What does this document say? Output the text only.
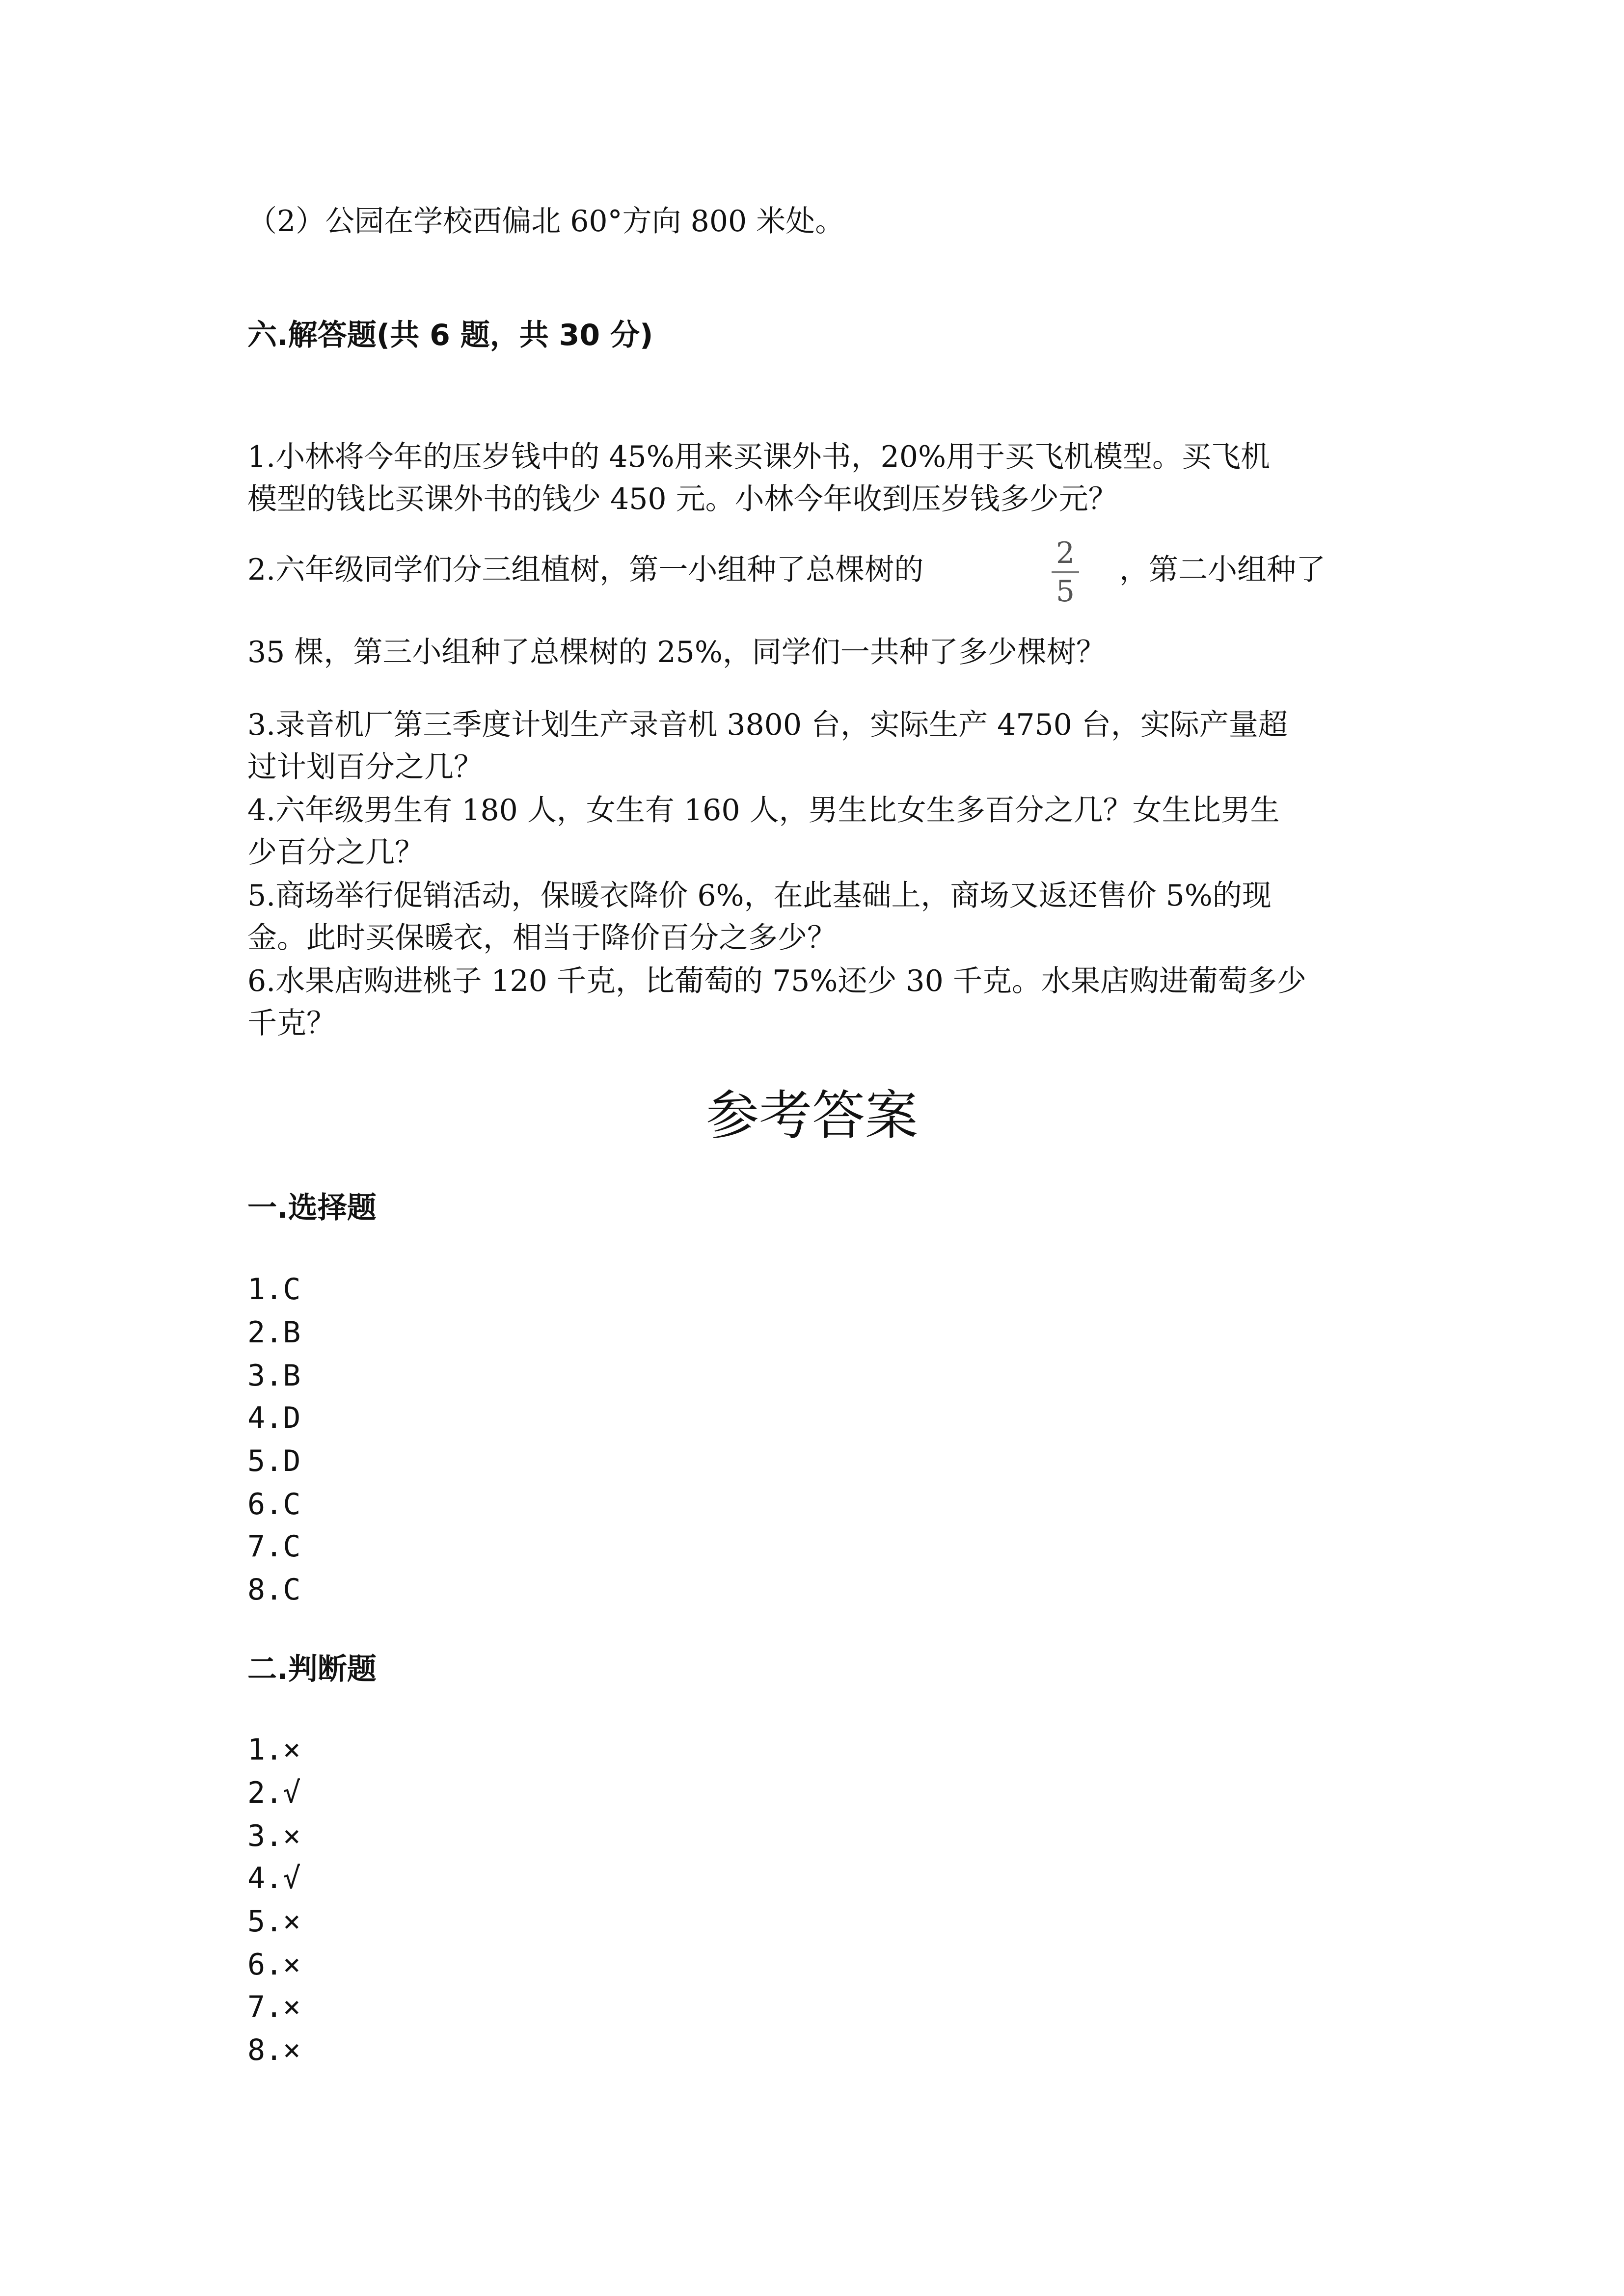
（2）公园在学校西偏北 60°方向 800 米处。
六.解答题(共 6 题，共 30 分)
1.小林将今年的压岁钱中的 45%用来买课外书，20%用于买飞机模型。买飞机
模型的钱比买课外书的钱少 450 元。小林今年收到压岁钱多少元？
2.六年级同学们分三组植树，第一小组种了总棵树的	2
5
，第二小组种了
35 棵，第三小组种了总棵树的 25%，同学们一共种了多少棵树？
3.录音机厂第三季度计划生产录音机 3800 台，实际生产 4750 台，实际产量超
过计划百分之几？
4.六年级男生有 180 人，女生有 160 人，男生比女生多百分之几？女生比男生
少百分之几？
5.商场举行促销活动，保暖衣降价 6%，在此基础上，商场又返还售价 5%的现
金。此时买保暖衣，相当于降价百分之多少？
6.水果店购进桃子 120 千克，比葡萄的 75%还少 30 千克。水果店购进葡萄多少
千克？
参考答案
一.选择题
1.C
2.B
3.B
4.D
5.D
6.C
7.C
8.C
二.判断题
1.×
2.√
3.×
4.√
5.×
6.×
7.×
8.×
